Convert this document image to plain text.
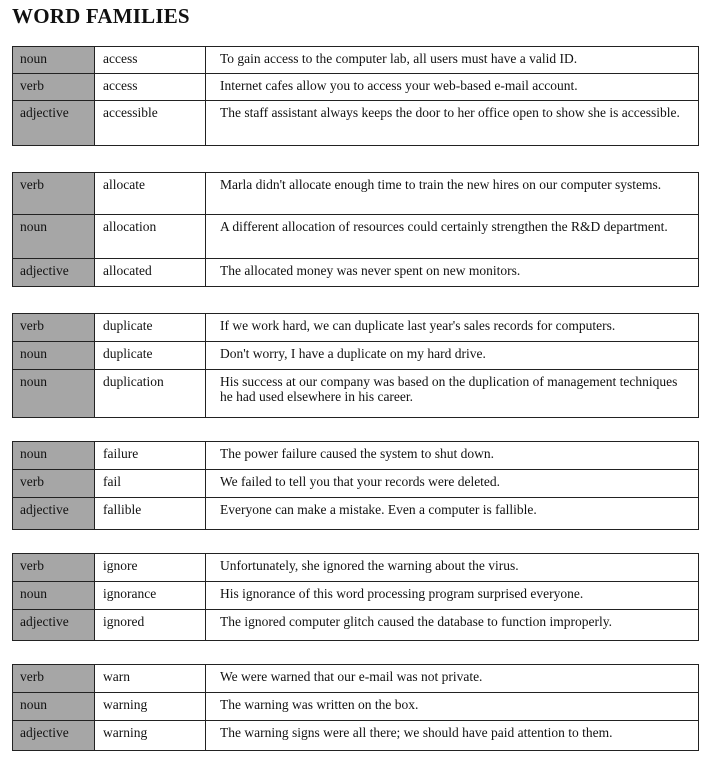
WORD FAMILIES
noun	access	To gain access to the computer lab, all users must have a valid ID.
verb	access	Internet cafes allow you to access your web-based e-mail account.
adjective	accessible	The staff assistant always keeps the door to her office open to show she is accessible.
verb	allocate	Marla didn't allocate enough time to train the new hires on our computer systems.
noun	allocation	A different allocation of resources could certainly strengthen the R&D department.
adjective	allocated	The allocated money was never spent on new monitors.
verb	duplicate	If we work hard, we can duplicate last year's sales records for computers.
noun	duplicate	Don't worry, I have a duplicate on my hard drive.
noun	duplication	His success at our company was based on the duplication of management techniques he had used elsewhere in his career.
noun	failure	The power failure caused the system to shut down.
verb	fail	We failed to tell you that your records were deleted.
adjective	fallible	Everyone can make a mistake. Even a computer is fallible.
verb	ignore	Unfortunately, she ignored the warning about the virus.
noun	ignorance	His ignorance of this word processing program surprised everyone.
adjective	ignored	The ignored computer glitch caused the database to function improperly.
verb	warn	We were warned that our e-mail was not private.
noun	warning	The warning was written on the box.
adjective	warning	The warning signs were all there; we should have paid attention to them.
